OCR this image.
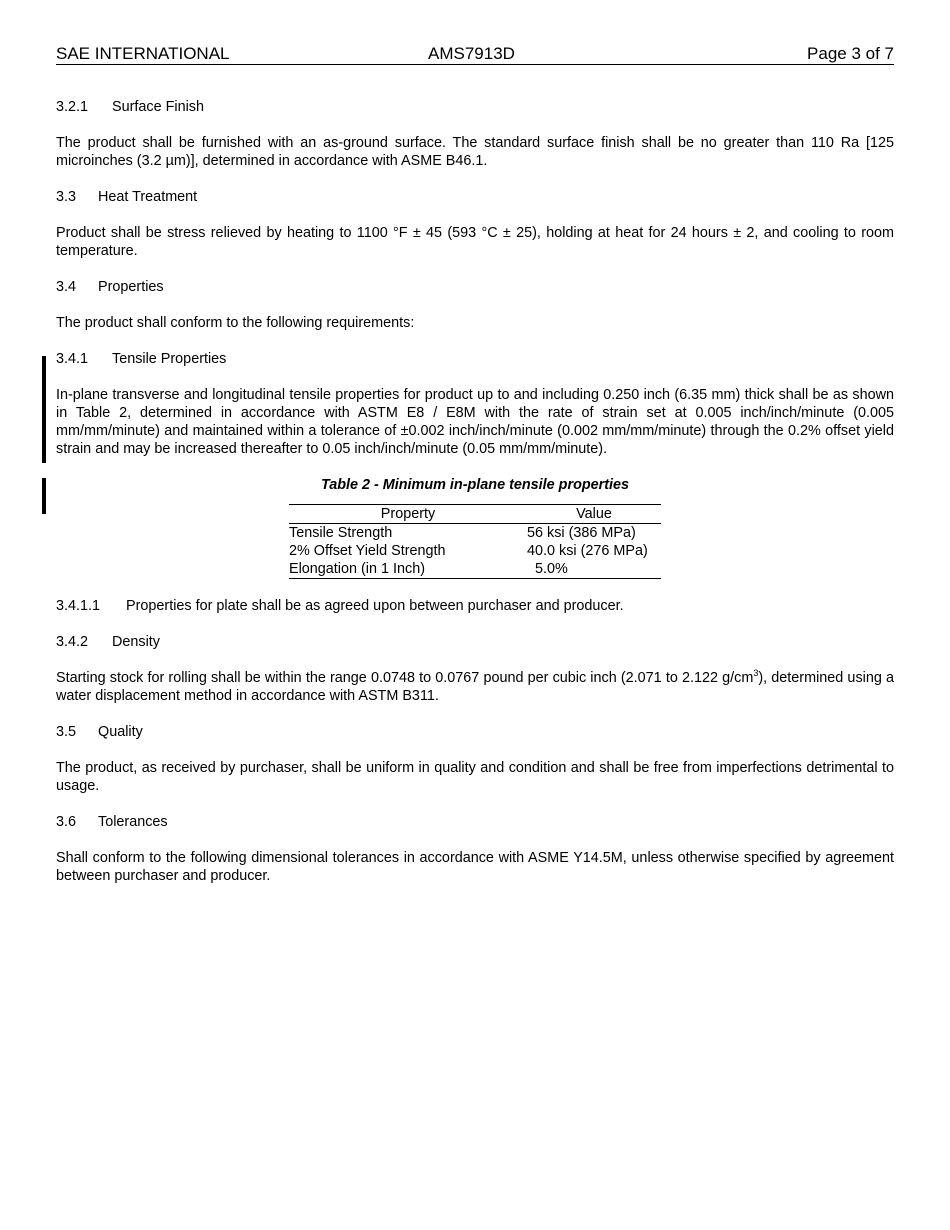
SAE INTERNATIONAL	AMS7913D	Page 3 of 7
3.2.1 Surface Finish
The product shall be furnished with an as-ground surface. The standard surface finish shall be no greater than 110 Ra [125 microinches (3.2 µm)], determined in accordance with ASME B46.1.
3.3 Heat Treatment
Product shall be stress relieved by heating to 1100 °F ± 45 (593 °C ± 25), holding at heat for 24 hours ± 2, and cooling to room temperature.
3.4 Properties
The product shall conform to the following requirements:
3.4.1 Tensile Properties
In-plane transverse and longitudinal tensile properties for product up to and including 0.250 inch (6.35 mm) thick shall be as shown in Table 2, determined in accordance with ASTM E8 / E8M with the rate of strain set at 0.005 inch/inch/minute (0.005 mm/mm/minute) and maintained within a tolerance of ±0.002 inch/inch/minute (0.002 mm/mm/minute) through the 0.2% offset yield strain and may be increased thereafter to 0.05 inch/inch/minute (0.05 mm/mm/minute).
Table 2 - Minimum in-plane tensile properties
Property	Value
Tensile Strength	56 ksi (386 MPa)
2% Offset Yield Strength	40.0 ksi (276 MPa)
Elongation (in 1 Inch)	5.0%
3.4.1.1 Properties for plate shall be as agreed upon between purchaser and producer.
3.4.2 Density
Starting stock for rolling shall be within the range 0.0748 to 0.0767 pound per cubic inch (2.071 to 2.122 $g/cm^3$), determined using a water displacement method in accordance with ASTM B311.
3.5 Quality
The product, as received by purchaser, shall be uniform in quality and condition and shall be free from imperfections detrimental to usage.
3.6 Tolerances
Shall conform to the following dimensional tolerances in accordance with ASME Y14.5M, unless otherwise specified by agreement between purchaser and producer.
